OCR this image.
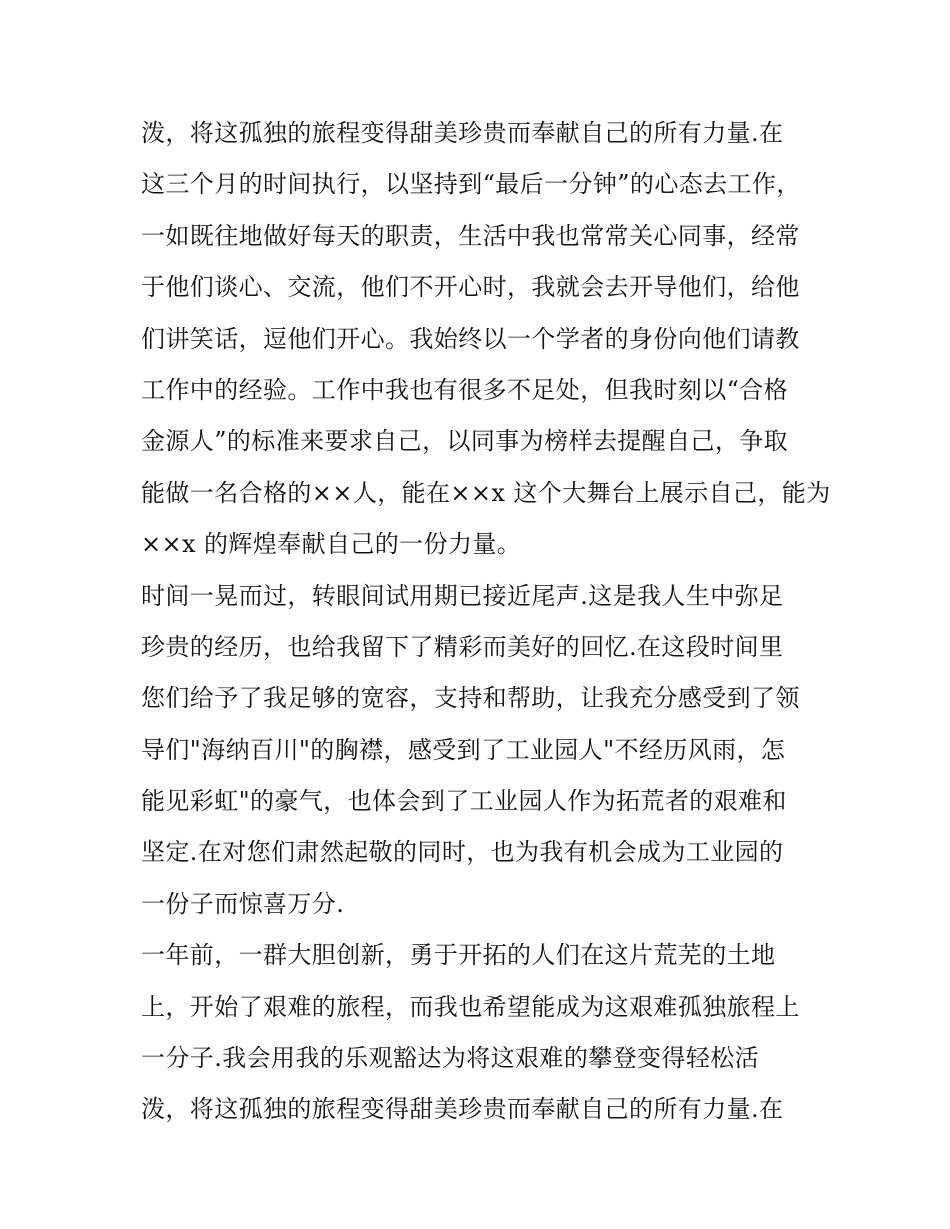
泼，将这孤独的旅程变得甜美珍贵而奉献自己的所有力量.在
这三个月的时间执行，以坚持到“最后一分钟”的心态去工作，
一如既往地做好每天的职责，生活中我也常常关心同事，经常
于他们谈心、交流，他们不开心时，我就会去开导他们，给他
们讲笑话，逗他们开心。我始终以一个学者的身份向他们请教
工作中的经验。工作中我也有很多不足处，但我时刻以“合格
金源人”的标准来要求自己，以同事为榜样去提醒自己，争取
能做一名合格的××人，能在××x 这个大舞台上展示自己，能为
××x 的辉煌奉献自己的一份力量。
时间一晃而过，转眼间试用期已接近尾声.这是我人生中弥足
珍贵的经历，也给我留下了精彩而美好的回忆.在这段时间里
您们给予了我足够的宽容，支持和帮助，让我充分感受到了领
导们"海纳百川"的胸襟，感受到了工业园人"不经历风雨，怎
能见彩虹"的豪气，也体会到了工业园人作为拓荒者的艰难和
坚定.在对您们肃然起敬的同时，也为我有机会成为工业园的
一份子而惊喜万分.
一年前，一群大胆创新，勇于开拓的人们在这片荒芜的土地
上，开始了艰难的旅程，而我也希望能成为这艰难孤独旅程上
一分子.我会用我的乐观豁达为将这艰难的攀登变得轻松活
泼，将这孤独的旅程变得甜美珍贵而奉献自己的所有力量.在
